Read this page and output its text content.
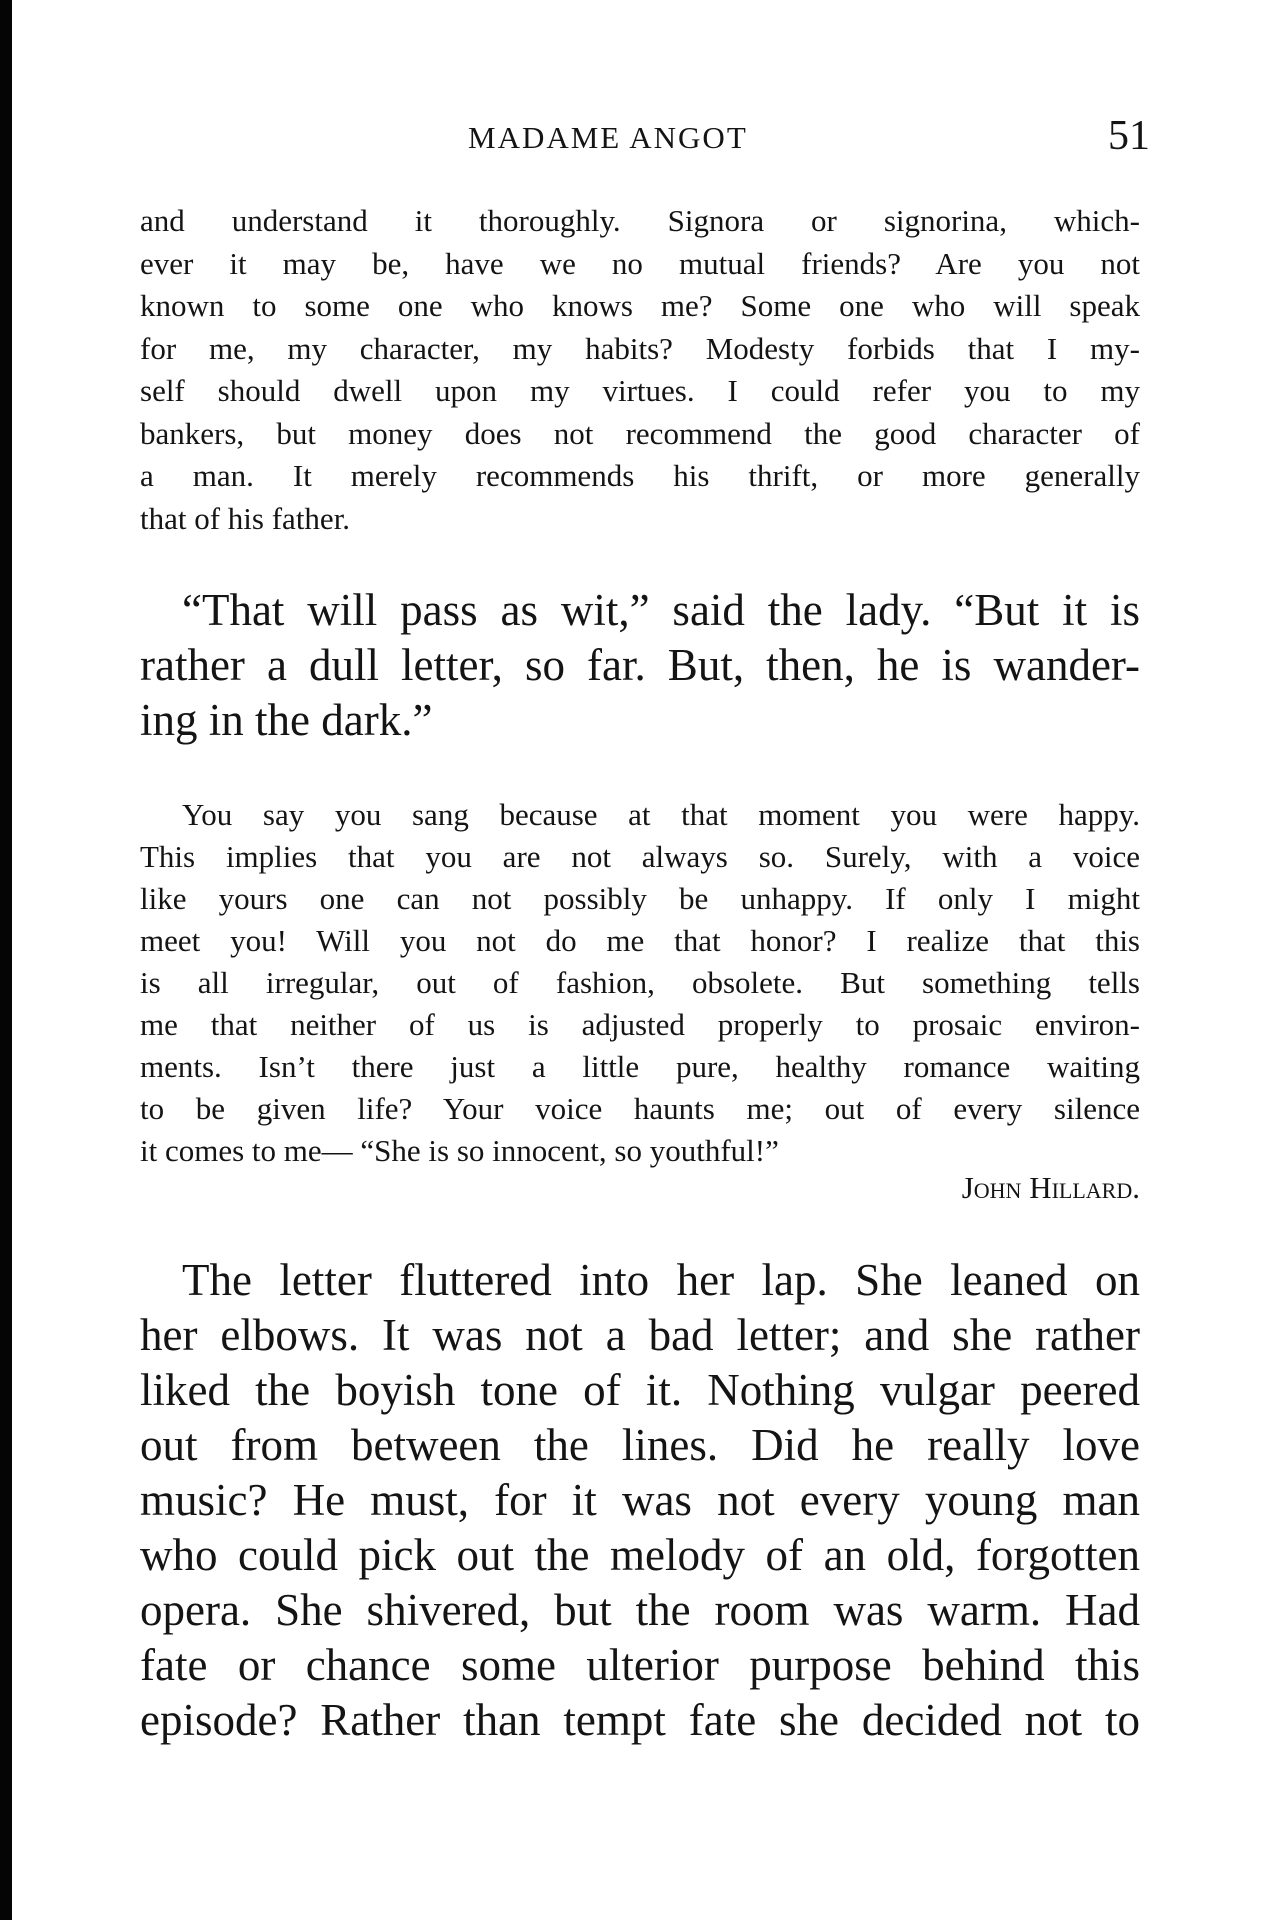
MADAME ANGOT	51
and understand it thoroughly. Signora or signorina, which-
ever it may be, have we no mutual friends? Are you not
known to some one who knows me? Some one who will speak
for me, my character, my habits? Modesty forbids that I my-
self should dwell upon my virtues. I could refer you to my
bankers, but money does not recommend the good character of
a man. It merely recommends his thrift, or more generally
that of his father.
“That will pass as wit,” said the lady. “But it is
rather a dull letter, so far. But, then, he is wander-
ing in the dark.”
You say you sang because at that moment you were happy.
This implies that you are not always so. Surely, with a voice
like yours one can not possibly be unhappy. If only I might
meet you! Will you not do me that honor? I realize that this
is all irregular, out of fashion, obsolete. But something tells
me that neither of us is adjusted properly to prosaic environ-
ments. Isn’t there just a little pure, healthy romance waiting
to be given life? Your voice haunts me; out of every silence
it comes to me— “She is so innocent, so youthful!”
John Hillard.
The letter fluttered into her lap. She leaned on
her elbows. It was not a bad letter; and she rather
liked the boyish tone of it. Nothing vulgar peered
out from between the lines. Did he really love
music? He must, for it was not every young man
who could pick out the melody of an old, forgotten
opera. She shivered, but the room was warm. Had
fate or chance some ulterior purpose behind this
episode? Rather than tempt fate she decided not to
